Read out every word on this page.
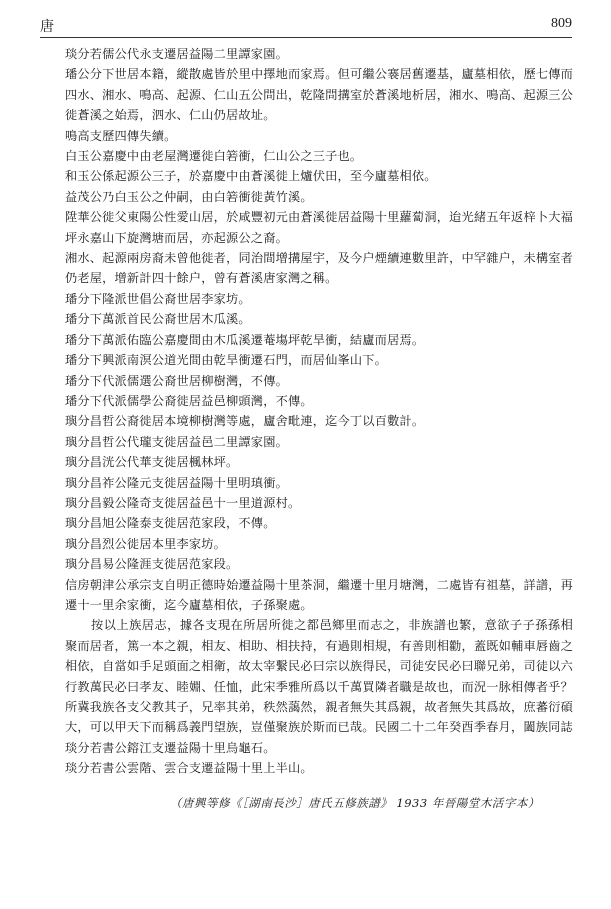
唐	809

琰分若儒公代永支遷居益陽二里譚家園。

璠公分下世居本籍，縱散處皆於里中擇地而家焉。但可繼公褰居舊遷基，廬墓相依，歷七傳而四水、湘水、鳴高、起源、仁山五公問出，乾隆問搆室於蒼溪地析居，湘水、鳴高、起源三公徙蒼溪之始焉，泗水、仁山仍居故址。

鳴高支歷四傳失續。

白玉公嘉慶中由老屋灣遷徙白箬衝，仁山公之三子也。

和玉公係起源公三子，於嘉慶中由蒼溪徙上爐伏田，至今廬墓相依。

益茂公乃白玉公之仲嗣，由白箬衝徙黃竹溪。

陞華公徙父東陽公性愛山居，於咸豐初元由蒼溪徙居益陽十里蘿蔔洞，迨光緒五年返梓卜大福坪永嘉山下旋灣塘而居，亦起源公之裔。

湘水、起源兩房裔未曾他徙者，同治間增搆屋宇，及今户煙續連數里許，中罕雜户，未構室者仍老屋，增新計四十餘户，曾有蒼溪唐家灣之稱。

璠分下隆派世倡公裔世居李家坊。

璠分下萬派首民公裔世居木瓜溪。

璠分下萬派佑臨公嘉慶間由木瓜溪遷菴塲坪乾旱衝，結廬而居焉。

璠分下興派南溟公道光間由乾旱衝遷石門，而居仙峯山下。

璠分下代派儒選公裔世居柳樹灣，不傳。

璠分下代派儒學公裔徙居益邑柳頭灣，不傳。

璵分昌哲公裔徙居本境柳樹灣等處，廬舍毗連，迄今丁以百數計。

璵分昌哲公代瓏支徙居益邑二里譚家園。

璵分昌洸公代華支徙居楓林坪。

璵分昌祚公隆元支徙居益陽十里明瑱衝。

璵分昌毅公隆奇支徙居益邑十一里道源村。

璵分昌旭公隆泰支徙居范家段，不傳。

璵分昌烈公徙居本里李家坊。

璵分昌易公隆涯支徙居范家段。

信房朝津公承宗支自明正德時始遷益陽十里茶洞，繼遷十里月塘灣，二處皆有祖墓，詳譜，再遷十一里余家衝，迄今廬墓相依，子孫聚處。

按以上族居志，據各支現在所居所徙之都邑鄉里而志之，非族譜也繁，意欲子子孫孫相聚而居者，篤一本之親，相友、相助、相扶持，有過則相規，有善則相勸，蓋既如輔車唇齒之相依，自當如手足頭面之相衛，故太宰繫民必曰宗以族得民，司徒安民必曰聯兄弟，司徒以六行教萬民必曰孝友、睦婣、任恤，此宋季雅所爲以千萬買隣者職是故也，而況一脉相傳者乎？所冀我族各支父教其子，兄率其弟，秩然藹然，親者無失其爲親，故者無失其爲故，庶蕃衍碩大，可以甲天下而稱爲義門望族，豈僅聚族於斯而已哉。民國二十二年癸酉季春月，闔族同誌

琰分若書公鎔江支遷益陽十里烏龜石。

琰分若書公雲階、雲合支遷益陽十里上半山。

（唐興等修《［湖南長沙］唐氏五修族譜》 1933 年晉陽堂木活字本）
